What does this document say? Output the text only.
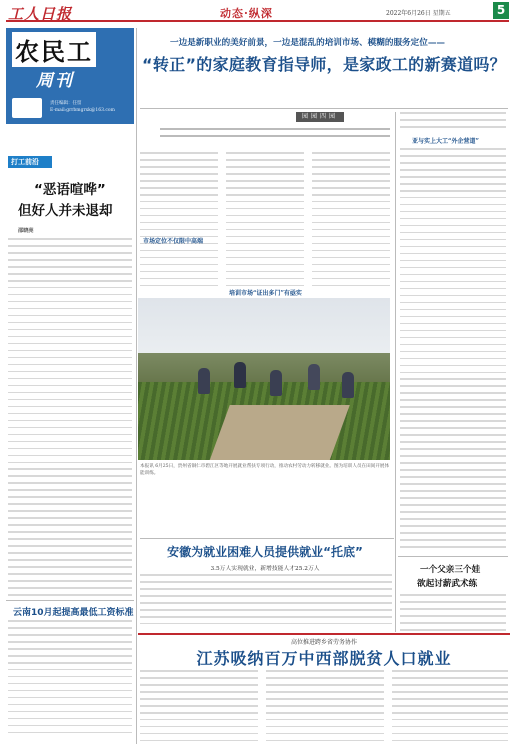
工人日报	动态·纵深	2022年6月26日 星期五	5
农民工
周刊
责任编辑：任留
E-mail:grrbmgrxk@163.com
打工前沿
“恶语喧哗”
但好人并未退却
邵晓亮
云南10月起提高最低工资标准
一边是新职业的美好前景，一边是混乱的培训市场、模糊的服务定位——
“转正”的家庭教育指导师，是家政工的新赛道吗？
园园四园
市场定位不仅限中高端
培训市场“证出多门”有亟实
亚与实上大工“外企营道”
本报讯 6月25日，贵州省铜仁市碧江区等地开展就业帮扶专项行动，推动农村劳动力转移就业。图为培训人员在田间开展体能训练。
安徽为就业困难人员提供就业“托底”
3.5万人实现就业，新增技能人才25.2万人	一个父亲三个娃
欲起讨薪武术练
高位推进跨乡省劳务协作
江苏吸纳百万中西部脱贫人口就业
